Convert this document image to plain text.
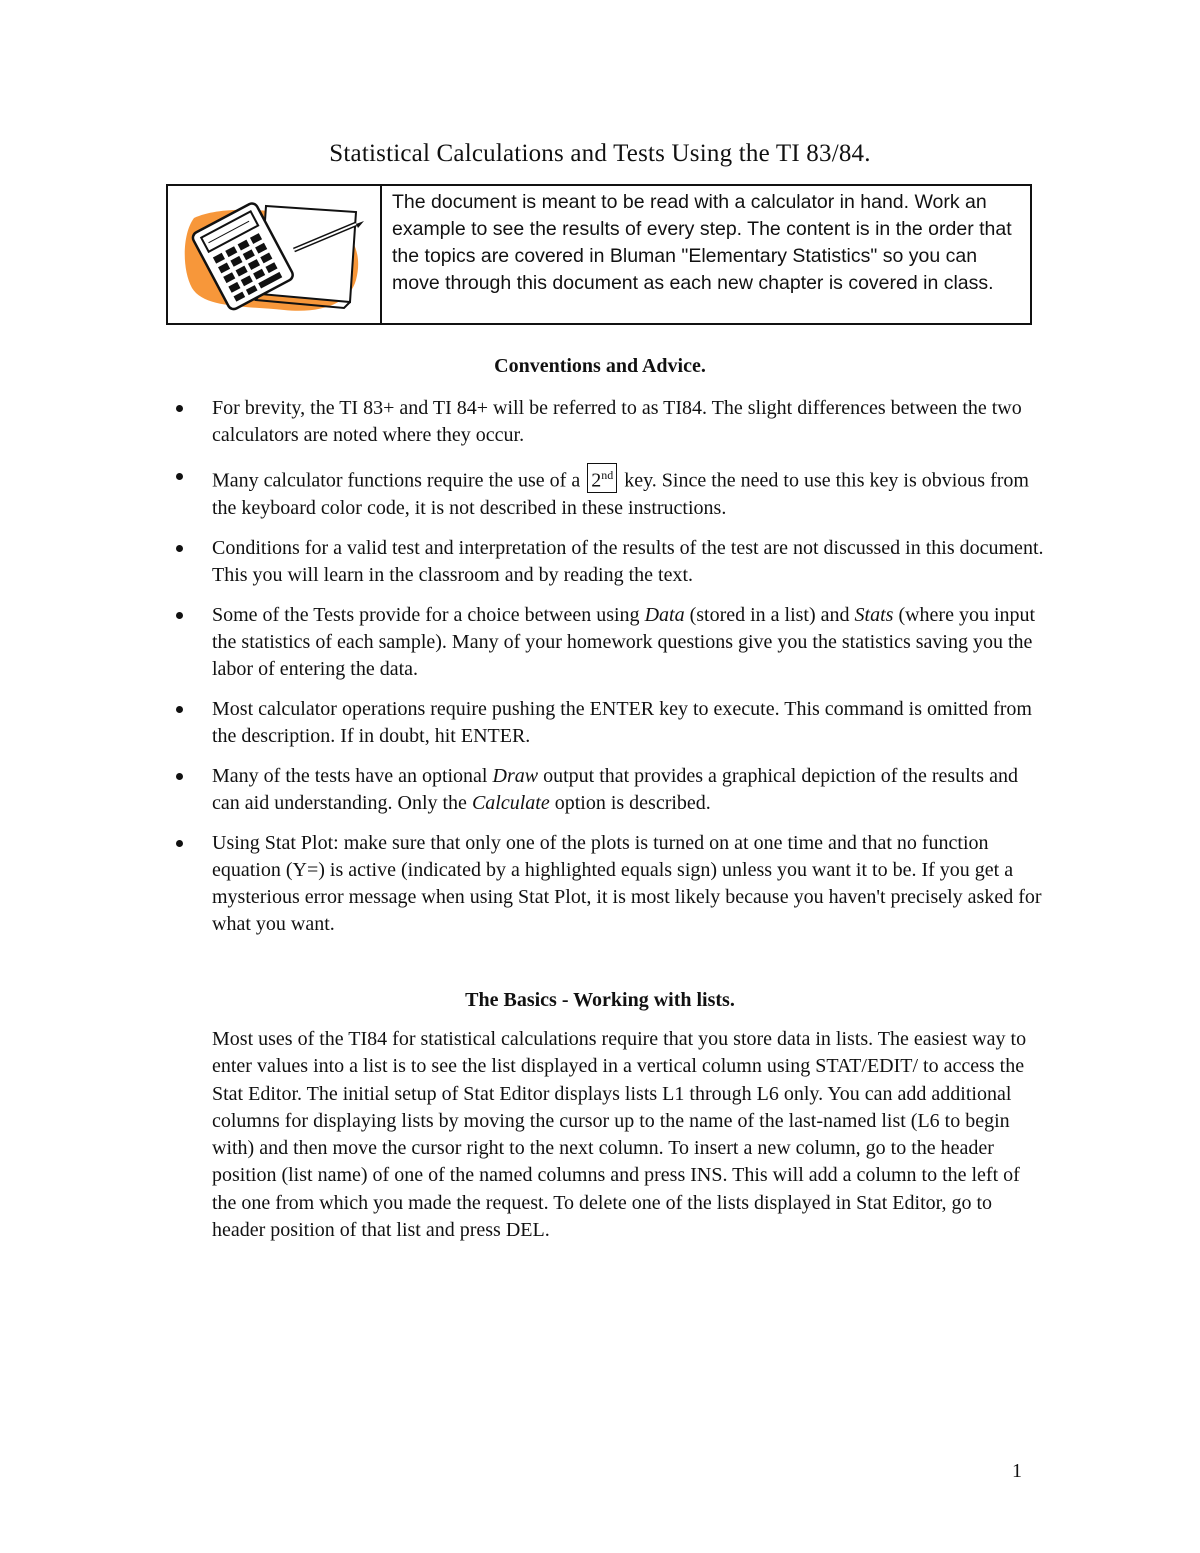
Statistical Calculations and Tests Using the TI 83/84.
The document is meant to be read with a calculator in hand. Work an example to see the results of every step. The content is in the order that the topics are covered in Bluman "Elementary Statistics" so you can move through this document as each new chapter is covered in class.
Conventions and Advice.
For brevity, the TI 83+ and TI 84+ will be referred to as TI84. The slight differences between the two calculators are noted where they occur.
Many calculator functions require the use of a 2nd key. Since the need to use this key is obvious from the keyboard color code, it is not described in these instructions.
Conditions for a valid test and interpretation of the results of the test are not discussed in this document. This you will learn in the classroom and by reading the text.
Some of the Tests provide for a choice between using Data (stored in a list) and Stats (where you input the statistics of each sample). Many of your homework questions give you the statistics saving you the labor of entering the data.
Most calculator operations require pushing the ENTER key to execute. This command is omitted from the description. If in doubt, hit ENTER.
Many of the tests have an optional Draw output that provides a graphical depiction of the results and can aid understanding. Only the Calculate option is described.
Using Stat Plot: make sure that only one of the plots is turned on at one time and that no function equation (Y=) is active (indicated by a highlighted equals sign) unless you want it to be. If you get a mysterious error message when using Stat Plot, it is most likely because you haven't precisely asked for what you want.
The Basics - Working with lists.

Most uses of the TI84 for statistical calculations require that you store data in lists. The easiest way to enter values into a list is to see the list displayed in a vertical column using STAT/EDIT/ to access the Stat Editor. The initial setup of Stat Editor displays lists L1 through L6 only. You can add additional columns for displaying lists by moving the cursor up to the name of the last-named list (L6 to begin with) and then move the cursor right to the next column. To insert a new column, go to the header position (list name) of one of the named columns and press INS. This will add a column to the left of the one from which you made the request. To delete one of the lists displayed in Stat Editor, go to header position of that list and press DEL.

1
